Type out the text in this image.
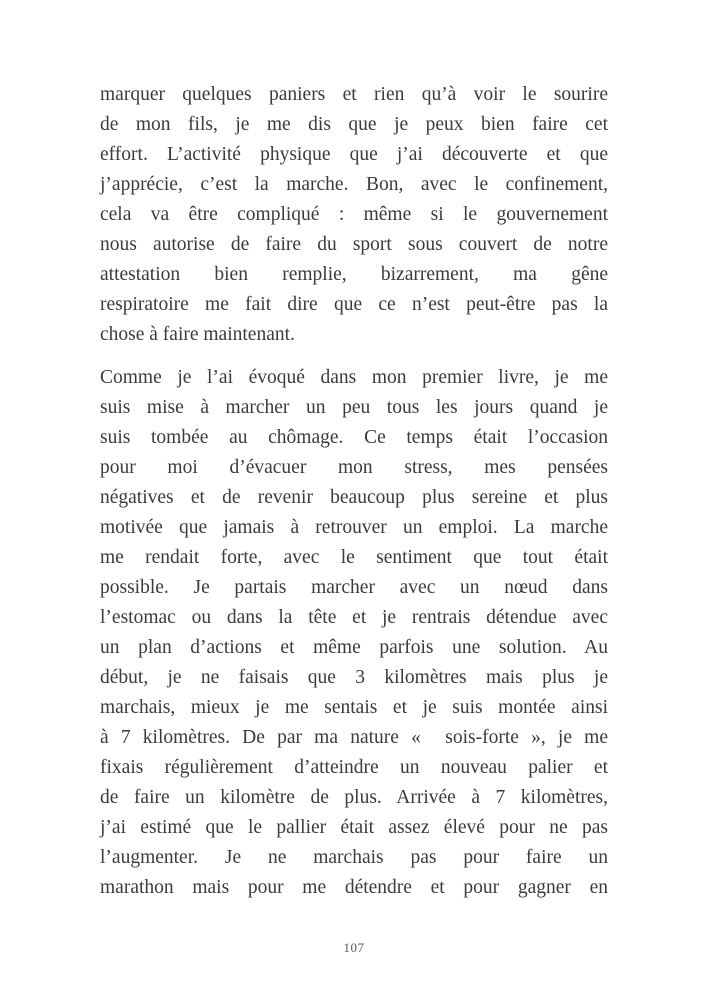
marquer quelques paniers et rien qu’à voir le sourire
de mon fils, je me dis que je peux bien faire cet
effort. L’activité physique que j’ai découverte et que
j’apprécie, c’est la marche. Bon, avec le confinement,
cela va être compliqué : même si le gouvernement
nous autorise de faire du sport sous couvert de notre
attestation bien remplie, bizarrement, ma gêne
respiratoire me fait dire que ce n’est peut-être pas la
chose à faire maintenant.
Comme je l’ai évoqué dans mon premier livre, je me
suis mise à marcher un peu tous les jours quand je
suis tombée au chômage. Ce temps était l’occasion
pour moi d’évacuer mon stress, mes pensées
négatives et de revenir beaucoup plus sereine et plus
motivée que jamais à retrouver un emploi. La marche
me rendait forte, avec le sentiment que tout était
possible. Je partais marcher avec un nœud dans
l’estomac ou dans la tête et je rentrais détendue avec
un plan d’actions et même parfois une solution. Au
début, je ne faisais que 3 kilomètres mais plus je
marchais, mieux je me sentais et je suis montée ainsi
à 7 kilomètres. De par ma nature «  sois-forte », je me
fixais régulièrement d’atteindre un nouveau palier et
de faire un kilomètre de plus. Arrivée à 7 kilomètres,
j’ai estimé que le pallier était assez élevé pour ne pas
l’augmenter. Je ne marchais pas pour faire un
marathon mais pour me détendre et pour gagner en
107
